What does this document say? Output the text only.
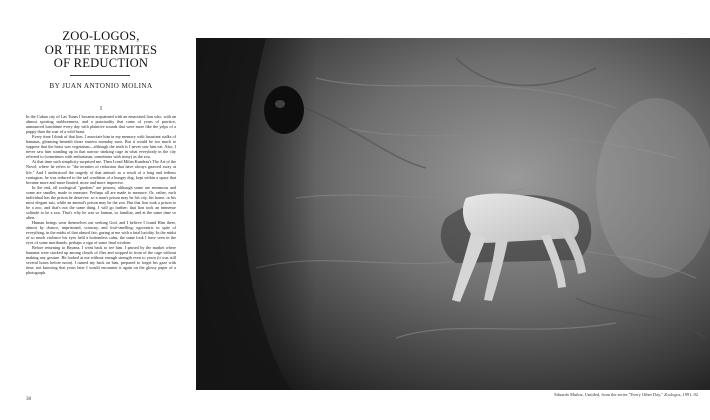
ZOO-LOGOS,
OR THE TERMITES
OF REDUCTION
BY JUAN ANTONIO MOLINA
I

In the Cuban city of Las Tunas I became acquainted with an emaciated lion who, with an almost sporting stubbornness, and a punctuality that came of years of practice, announced lunchtime every day with plaintive sounds that were more like the yelps of a puppy than the roar of a wild beast.

Every time I think of that lion, I associate him in my memory with luxuriant stalks of bananas, gleaming beneath those eastern noonday suns. But it would be too much to suppose that the beast was vegetarian—although the truth is I never saw him eat. Also, I never saw him standing up in that narrow stinking cage in what everybody in the city referred to (sometimes with enthusiasm, sometimes with irony) as the zoo.

At that time such simplicity surprised me. Then I read Milan Kundera's The Art of the Novel, where he refers to "the termites of reduction that have always gnawed away at life." And I understood the tragedy of that animal: as a result of a long and tedious contagion, he was reduced to the sad condition of a hungry dog, kept within a space that became more and more limited, more and more imprecise.

In the end, all zoological "gardens" are prisons, although some are enormous and some are smaller, made to measure. Perhaps all are made to measure. Or, rather, each individual has the prison he deserves: so a man's prison may be his city, his home, or his most elegant suit, while an animal's prison may be the zoo. But that lion took a prison to be a zoo, and that's not the same thing. I will go further; that lion took an immense solitude to be a zoo. That's why he was so human, so familiar, and at the same time so alien.

Human beings wear themselves out seeking God, and I believe I found Him there, almost by chance, imprisoned, scrawny, and foul-smelling; egocentric in spite of everything, in the midst of that absurd fair, gazing at me with a fatal lucidity. In the midst of so much violence his eyes held a bottomless calm, the same look I have seen in the eyes of some moribunds, perhaps a sign of some final wisdom.

Before returning to Havana, I went back to see him. I passed by the market where bananas were stacked up among clouds of flies and stopped in front of the cage without making any gesture. He looked at me without enough strength even to yawn (it was still several hours before noon). I turned my back on him, prepared to forget his gaze with time, not knowing that years later I would encounter it again on the glossy paper of a photograph.

38
Eduardo Muñoz, Untitled, from the series "Every Other Day," Zoologos, 1991–92
